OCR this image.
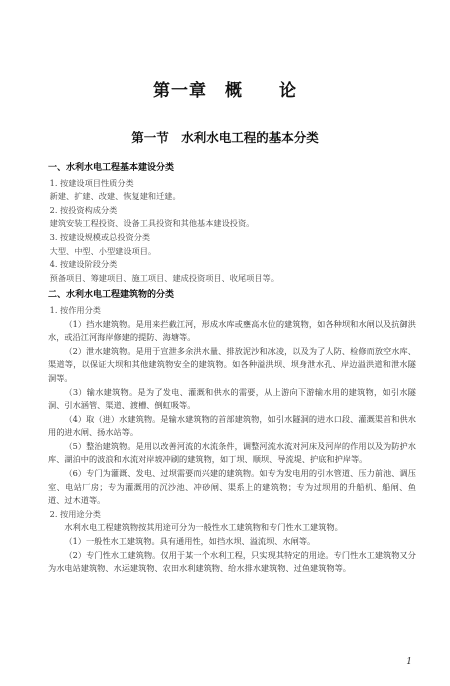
第一章　概　　论
第一节　水利水电工程的基本分类
一、水利水电工程基本建设分类
1. 按建设项目性质分类
新建、扩建、改建、恢复建和迁建。
2. 按投资构成分类
建筑安装工程投资、设备工具投资和其他基本建设投资。
3. 按建设规模或总投资分类
大型、中型、小型建设项目。
4. 按建设阶段分类
预备项目、筹建项目、施工项目、建成投资项目、收尾项目等。
二、水利水电工程建筑物的分类
1. 按作用分类
（1）挡水建筑物。是用来拦截江河，形成水库或壅高水位的建筑物，如各种坝和水闸以及抗御洪水，或沿江河海岸修建的提防、海塘等。
（2）泄水建筑物。是用于宣泄多余洪水量、排放泥沙和冰凌，以及为了人防、检修而放空水库、渠道等，以保证大坝和其他建筑物安全的建筑物。如各种溢洪坝、坝身泄水孔、岸边溢洪道和泄水隧洞等。
（3）输水建筑物。是为了发电、灌溉和供水的需要，从上游向下游输水用的建筑物，如引水隧洞、引水涵管、渠道、渡槽、倒虹吸等。
（4）取（进）水建筑物。是输水建筑物的首部建筑物，如引水隧洞的进水口段、灌溉渠首和供水用的进水闸、扬水站等。
（5）整治建筑物。是用以改善河流的水流条件，调整河流水流对河床及河岸的作用以及为防护水库、湖泊中的波浪和水流对岸坡冲刷的建筑物，如丁坝、顺坝、导流堤、护底和护岸等。
（6）专门为灌溉、发电、过坝需要而兴建的建筑物。如专为发电用的引水管道、压力前池、调压室、电站厂房；专为灌溉用的沉沙池、冲砂闸、渠系上的建筑物；专为过坝用的升船机、船闸、鱼道、过木道等。
2. 按用途分类
水利水电工程建筑物按其用途可分为一般性水工建筑物和专门性水工建筑物。
（1）一般性水工建筑物。具有通用性，如挡水坝、溢流坝、水闸等。
（2）专门性水工建筑物。仅用于某一个水利工程，只实现其特定的用途。专门性水工建筑物又分为水电站建筑物、水运建筑物、农田水利建筑物、给水排水建筑物、过鱼建筑物等。
1
